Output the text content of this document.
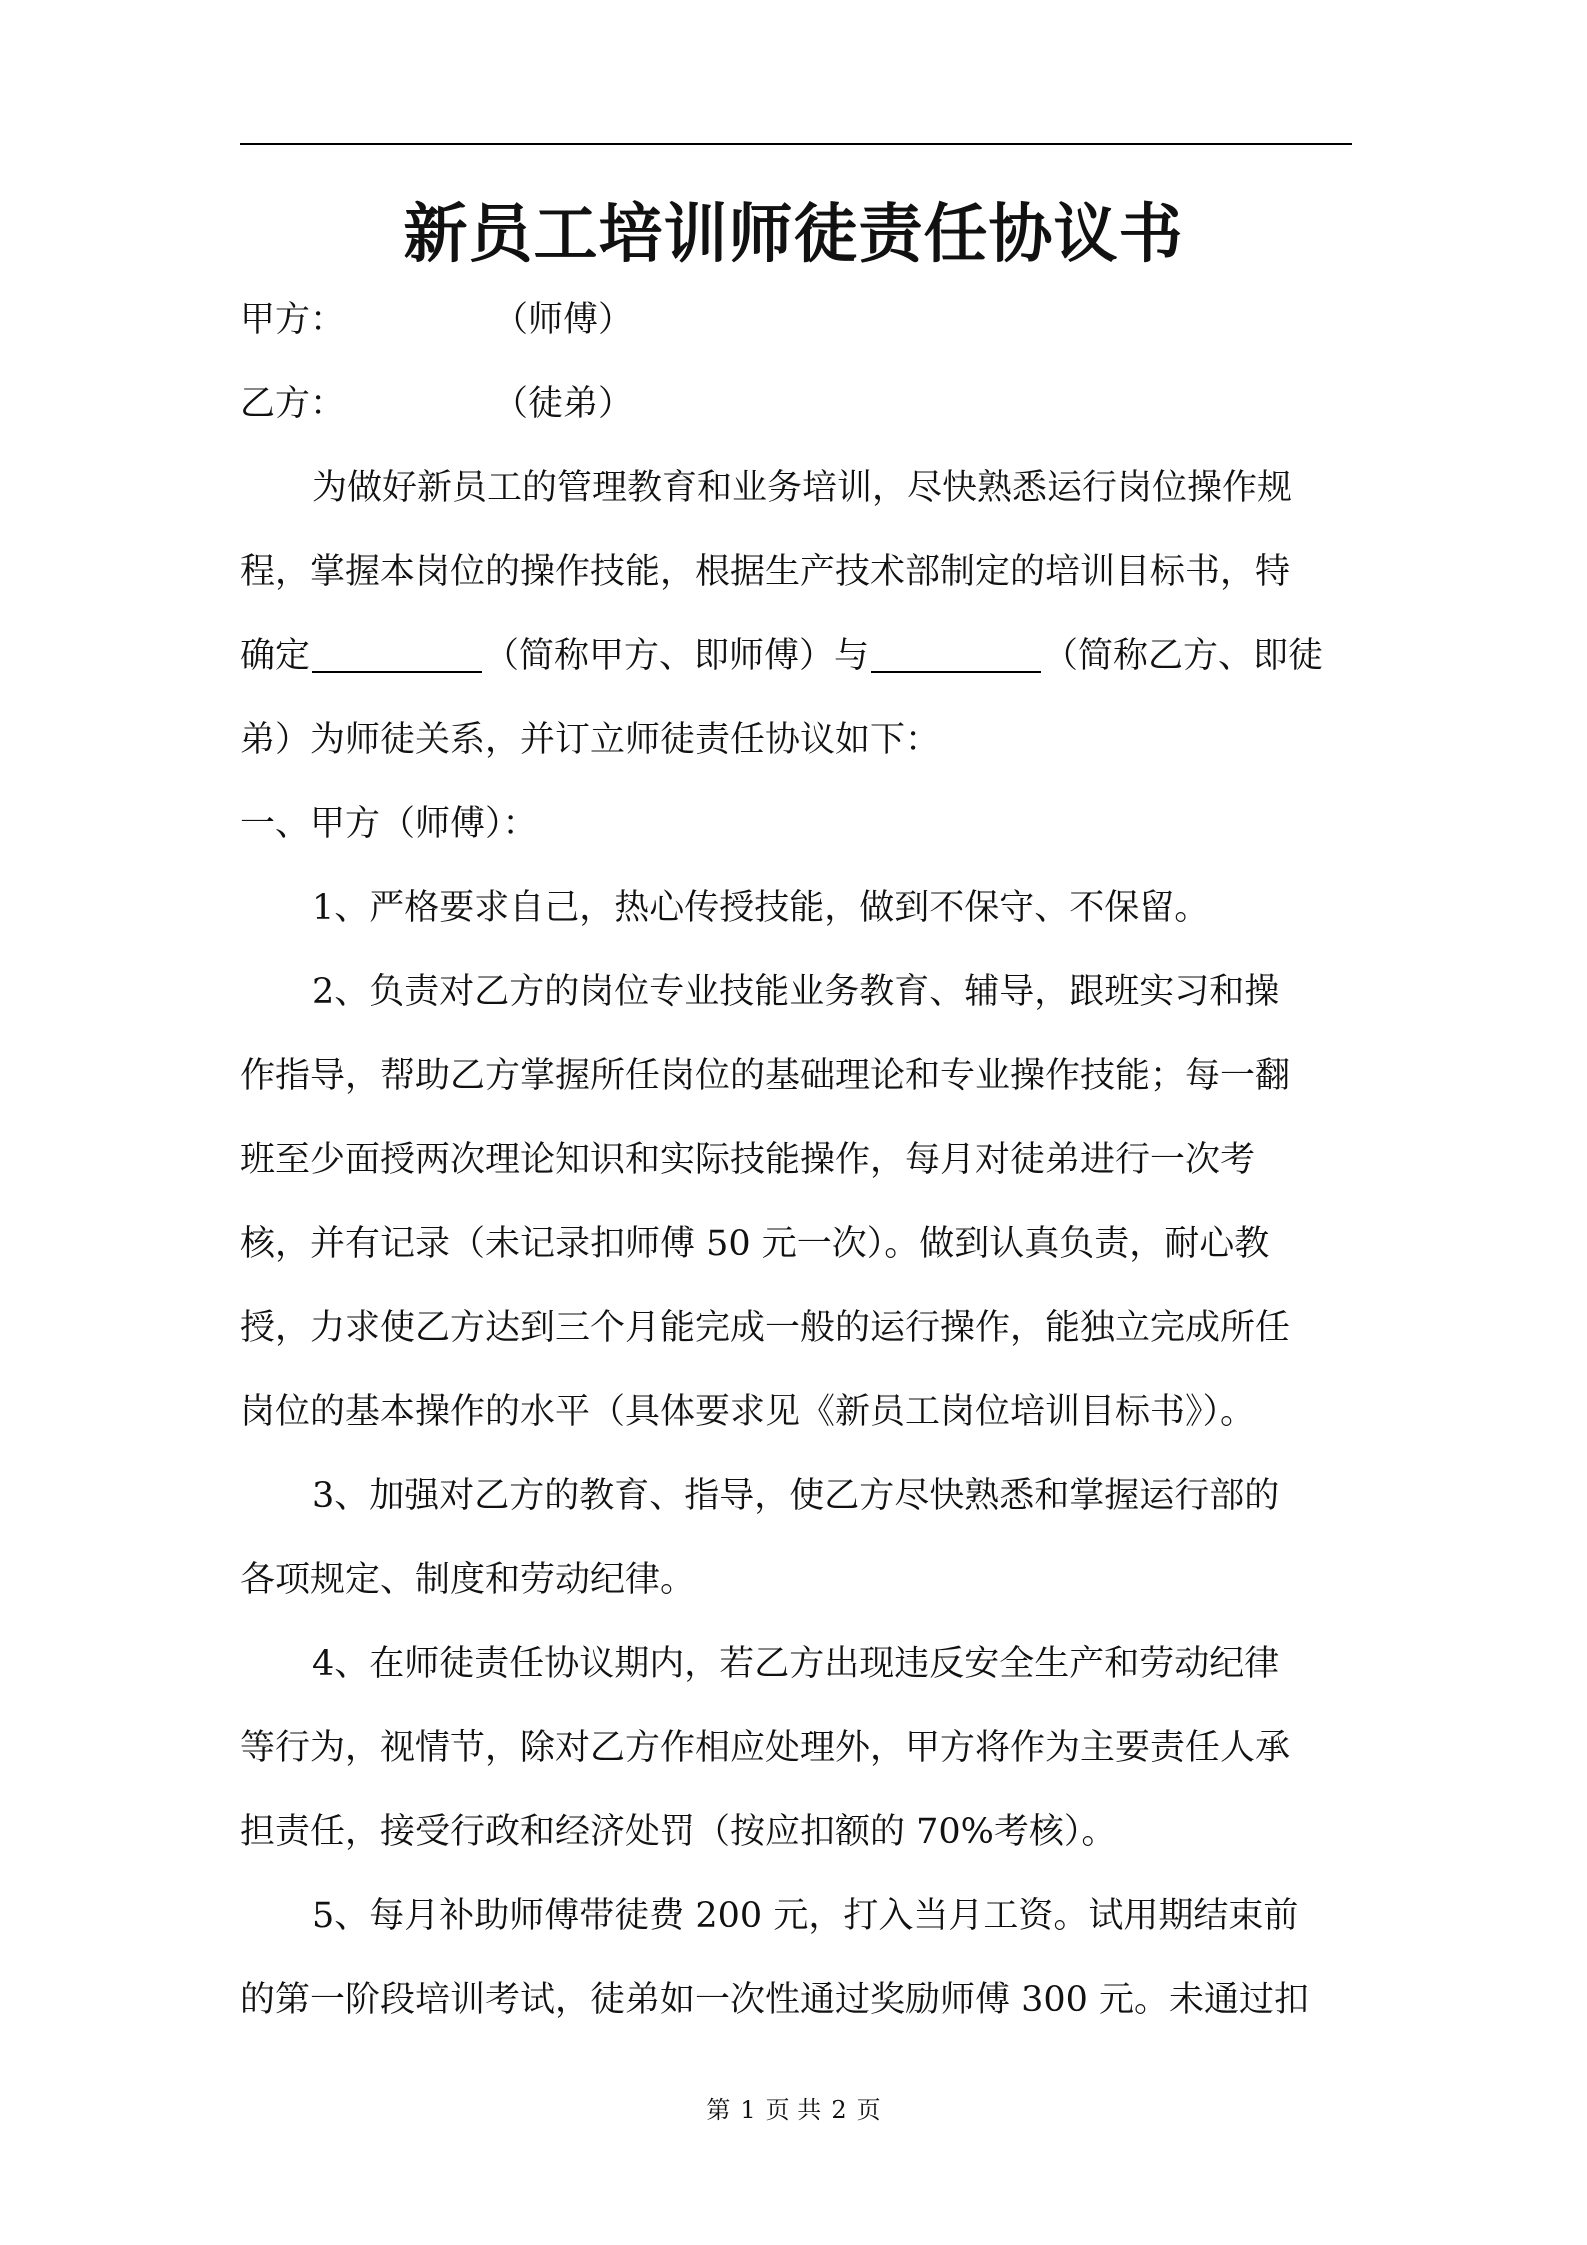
新员工培训师徒责任协议书
甲方：	（师傅）
乙方：	（徒弟）
为做好新员工的管理教育和业务培训，尽快熟悉运行岗位操作规
程，掌握本岗位的操作技能，根据生产技术部制定的培训目标书，特
确定	（简称甲方、即师傅）与	（简称乙方、即徒
弟）为师徒关系，并订立师徒责任协议如下：
一、甲方（师傅）：
1、严格要求自己，热心传授技能，做到不保守、不保留。
2、负责对乙方的岗位专业技能业务教育、辅导，跟班实习和操
作指导，帮助乙方掌握所任岗位的基础理论和专业操作技能；每一翻
班至少面授两次理论知识和实际技能操作，每月对徒弟进行一次考
核，并有记录（未记录扣师傅 50 元一次）。做到认真负责，耐心教
授，力求使乙方达到三个月能完成一般的运行操作，能独立完成所任
岗位的基本操作的水平（具体要求见《新员工岗位培训目标书》）。
3、加强对乙方的教育、指导，使乙方尽快熟悉和掌握运行部的
各项规定、制度和劳动纪律。
4、在师徒责任协议期内，若乙方出现违反安全生产和劳动纪律
等行为，视情节，除对乙方作相应处理外，甲方将作为主要责任人承
担责任，接受行政和经济处罚（按应扣额的 70%考核）。
5、每月补助师傅带徒费 200 元，打入当月工资。试用期结束前
的第一阶段培训考试，徒弟如一次性通过奖励师傅 300 元。未通过扣
第 1 页 共 2 页
